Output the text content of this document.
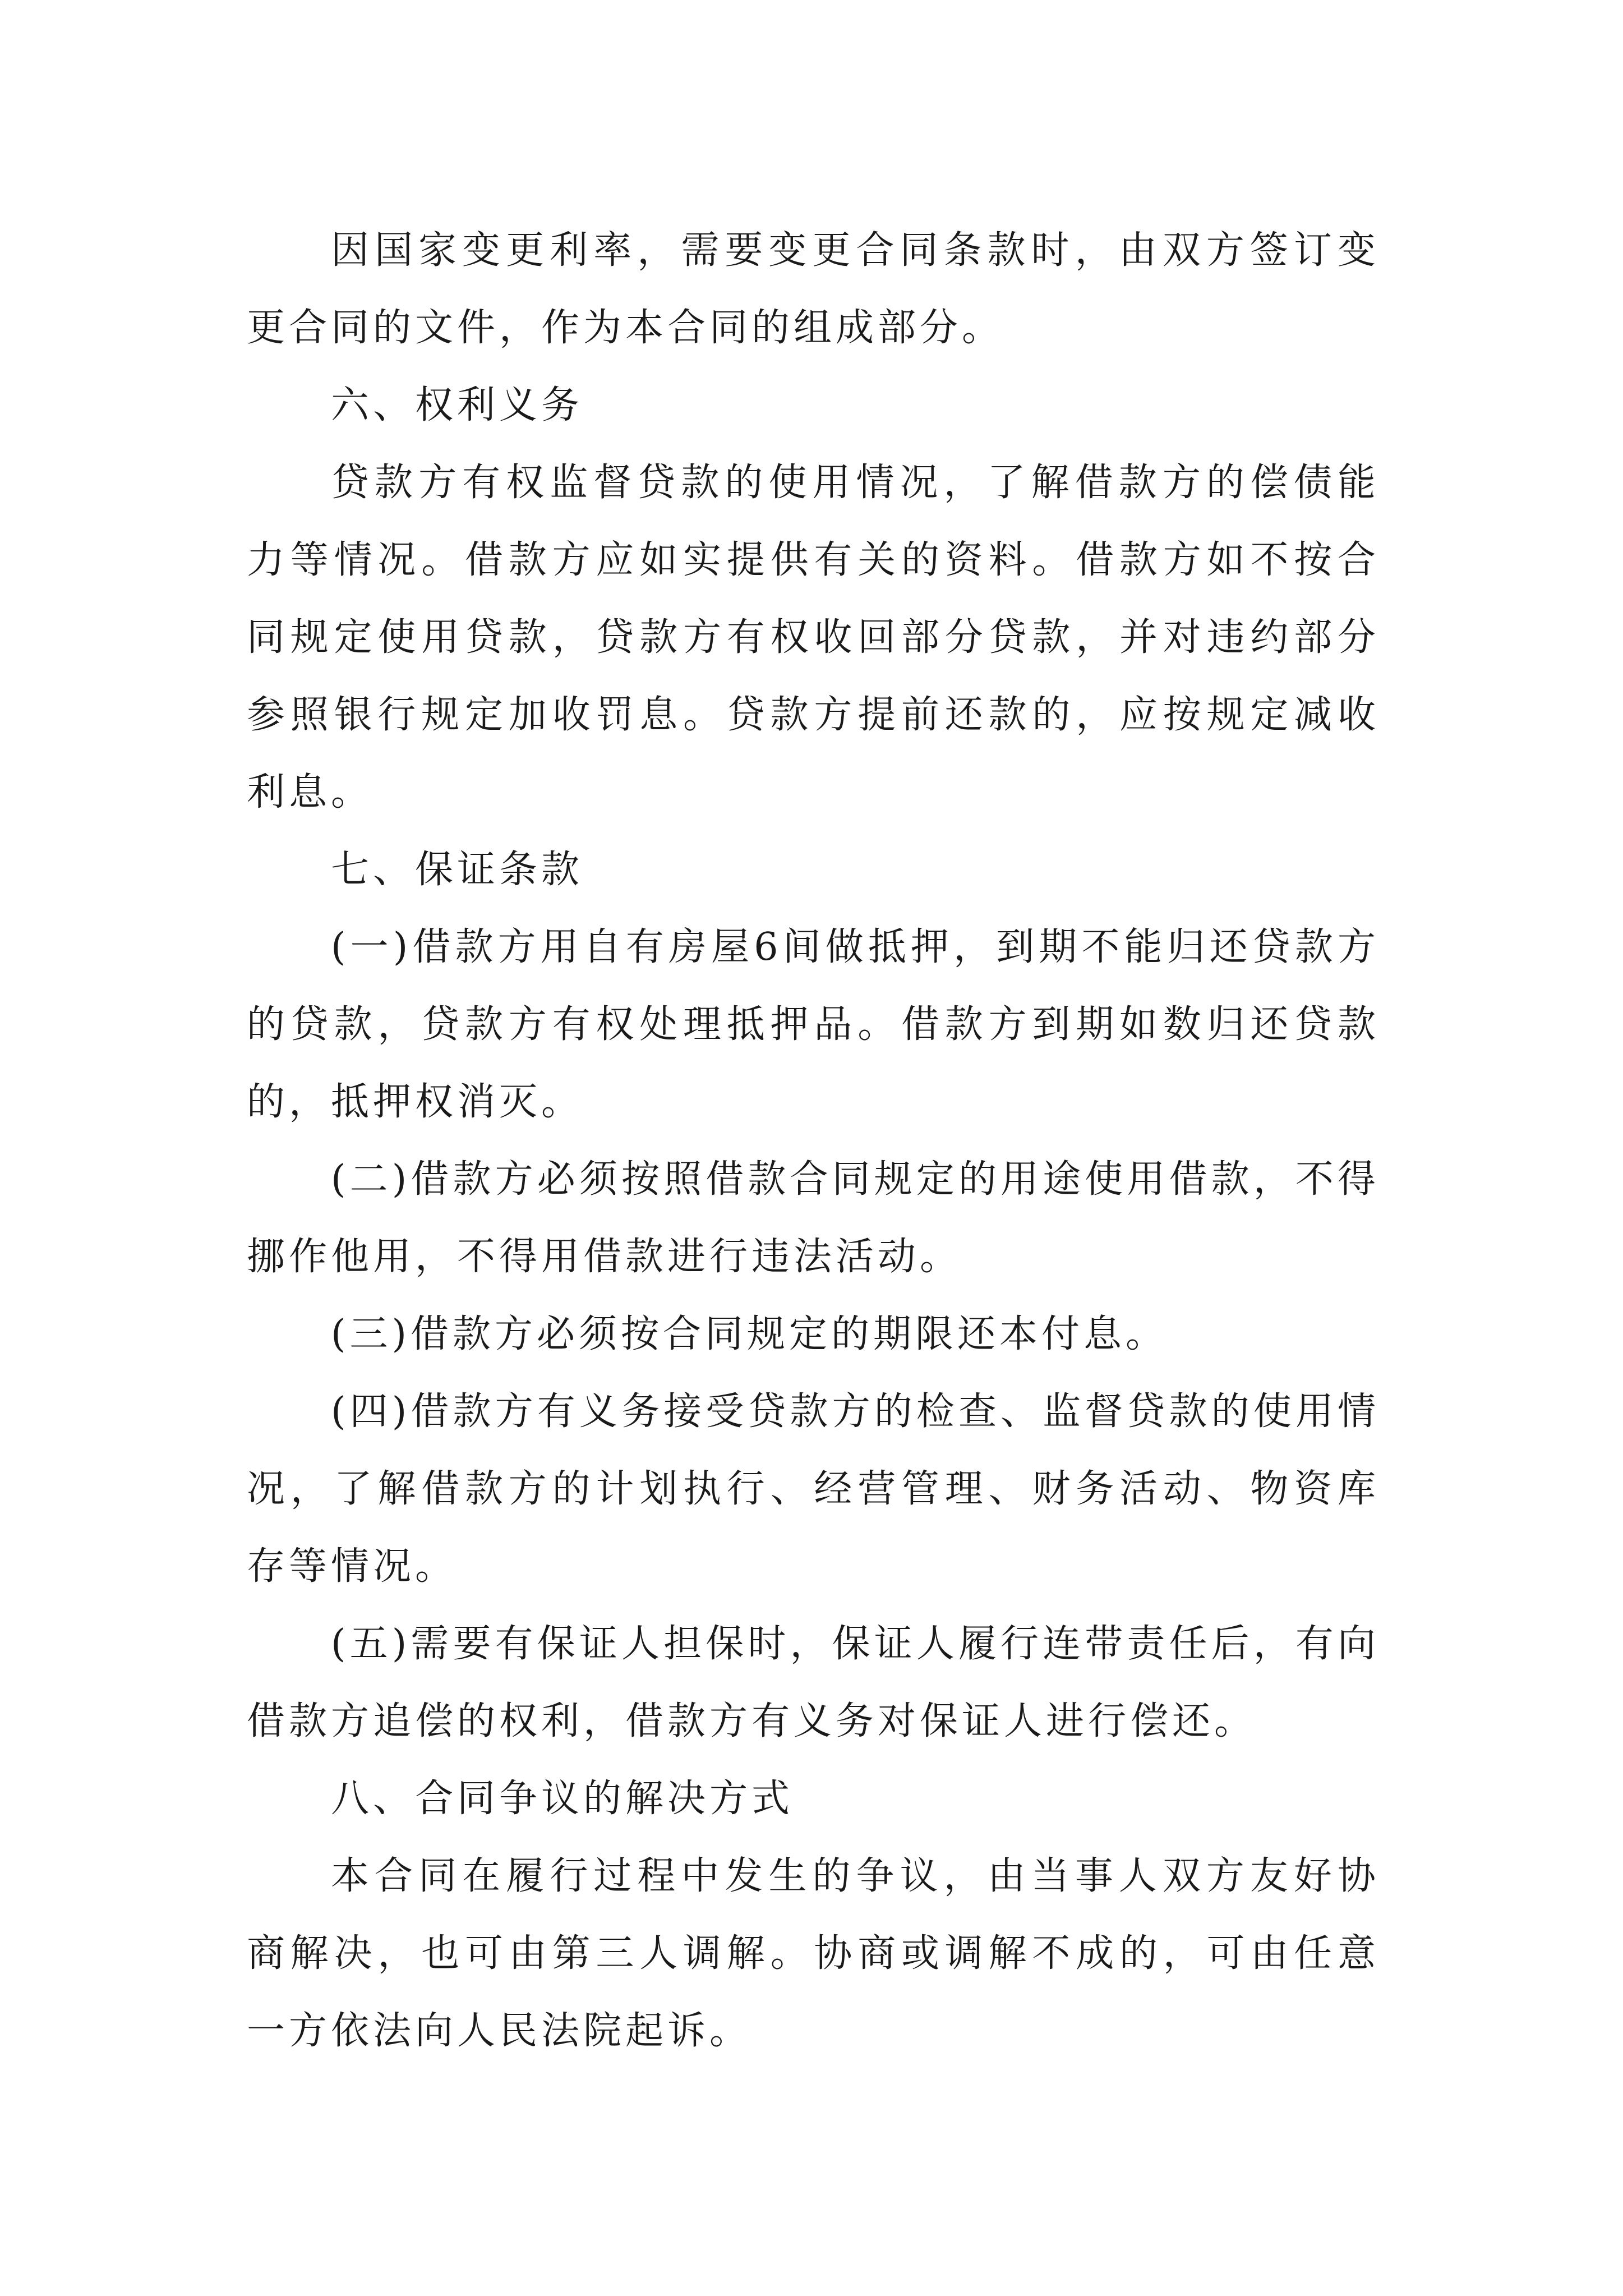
因国家变更利率，需要变更合同条款时，由双方签订变更合同的文件，作为本合同的组成部分。

六、权利义务

贷款方有权监督贷款的使用情况，了解借款方的偿债能力等情况。借款方应如实提供有关的资料。借款方如不按合同规定使用贷款，贷款方有权收回部分贷款，并对违约部分参照银行规定加收罚息。贷款方提前还款的，应按规定减收利息。

七、保证条款

(一)借款方用自有房屋6间做抵押，到期不能归还贷款方的贷款，贷款方有权处理抵押品。借款方到期如数归还贷款的，抵押权消灭。

(二)借款方必须按照借款合同规定的用途使用借款，不得挪作他用，不得用借款进行违法活动。

(三)借款方必须按合同规定的期限还本付息。

(四)借款方有义务接受贷款方的检查、监督贷款的使用情况，了解借款方的计划执行、经营管理、财务活动、物资库存等情况。

(五)需要有保证人担保时，保证人履行连带责任后，有向借款方追偿的权利，借款方有义务对保证人进行偿还。

八、合同争议的解决方式

本合同在履行过程中发生的争议，由当事人双方友好协商解决，也可由第三人调解。协商或调解不成的，可由任意一方依法向人民法院起诉。
